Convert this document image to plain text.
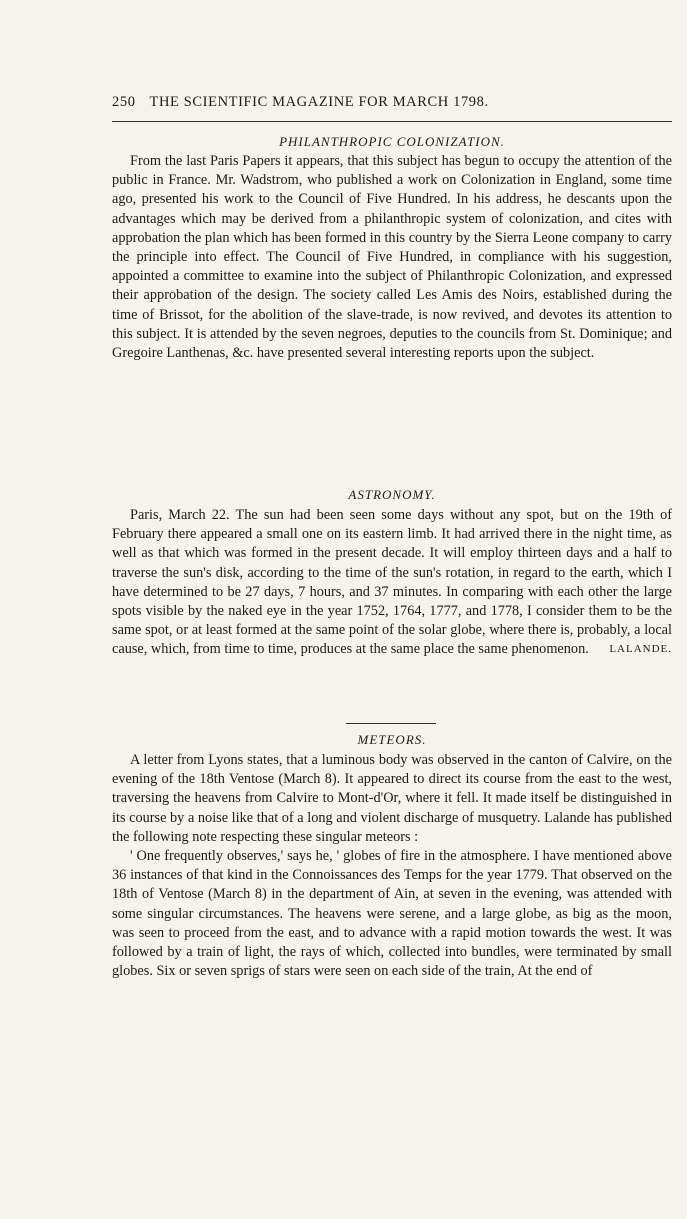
250 THE SCIENTIFIC MAGAZINE FOR MARCH 1798.
PHILANTHROPIC COLONIZATION.

From the last Paris Papers it appears, that this subject has begun to occupy the attention of the public in France. Mr. Wadstrom, who published a work on Colonization in England, some time ago, presented his work to the Council of Five Hundred. In his address, he descants upon the advantages which may be derived from a philanthropic system of colonization, and cites with approbation the plan which has been formed in this country by the Sierra Leone company to carry the principle into effect. The Council of Five Hundred, in compliance with his suggestion, appointed a committee to examine into the subject of Philanthropic Colonization, and expressed their approbation of the design. The society called Les Amis des Noirs, established during the time of Brissot, for the abolition of the slave-trade, is now revived, and devotes its attention to this subject. It is attended by the seven negroes, deputies to the councils from St. Dominique; and Gregoire Lanthenas, &c. have presented several interesting reports upon the subject.

ASTRONOMY.

Paris, March 22. The sun had been seen some days without any spot, but on the 19th of February there appeared a small one on its eastern limb. It had arrived there in the night time, as well as that which was formed in the present decade. It will employ thirteen days and a half to traverse the sun's disk, according to the time of the sun's rotation, in regard to the earth, which I have determined to be 27 days, 7 hours, and 37 minutes. In comparing with each other the large spots visible by the naked eye in the year 1752, 1764, 1777, and 1778, I consider them to be the same spot, or at least formed at the same point of the solar globe, where there is, probably, a local cause, which, from time to time, produces at the same place the same phenomenon.	LALANDE.

METEORS.

A letter from Lyons states, that a luminous body was observed in the canton of Calvire, on the evening of the 18th Ventose (March 8). It appeared to direct its course from the east to the west, traversing the heavens from Calvire to Mont-d'Or, where it fell. It made itself be distinguished in its course by a noise like that of a long and violent discharge of musquetry. Lalande has published the following note respecting these singular meteors :

' One frequently observes,' says he, ' globes of fire in the atmosphere. I have mentioned above 36 instances of that kind in the Connoissances des Temps for the year 1779. That observed on the 18th of Ventose (March 8) in the department of Ain, at seven in the evening, was attended with some singular circumstances. The heavens were serene, and a large globe, as big as the moon, was seen to proceed from the east, and to advance with a rapid motion towards the west. It was followed by a train of light, the rays of which, collected into bundles, were terminated by small globes. Six or seven sprigs of stars were seen on each side of the train, At the end of
